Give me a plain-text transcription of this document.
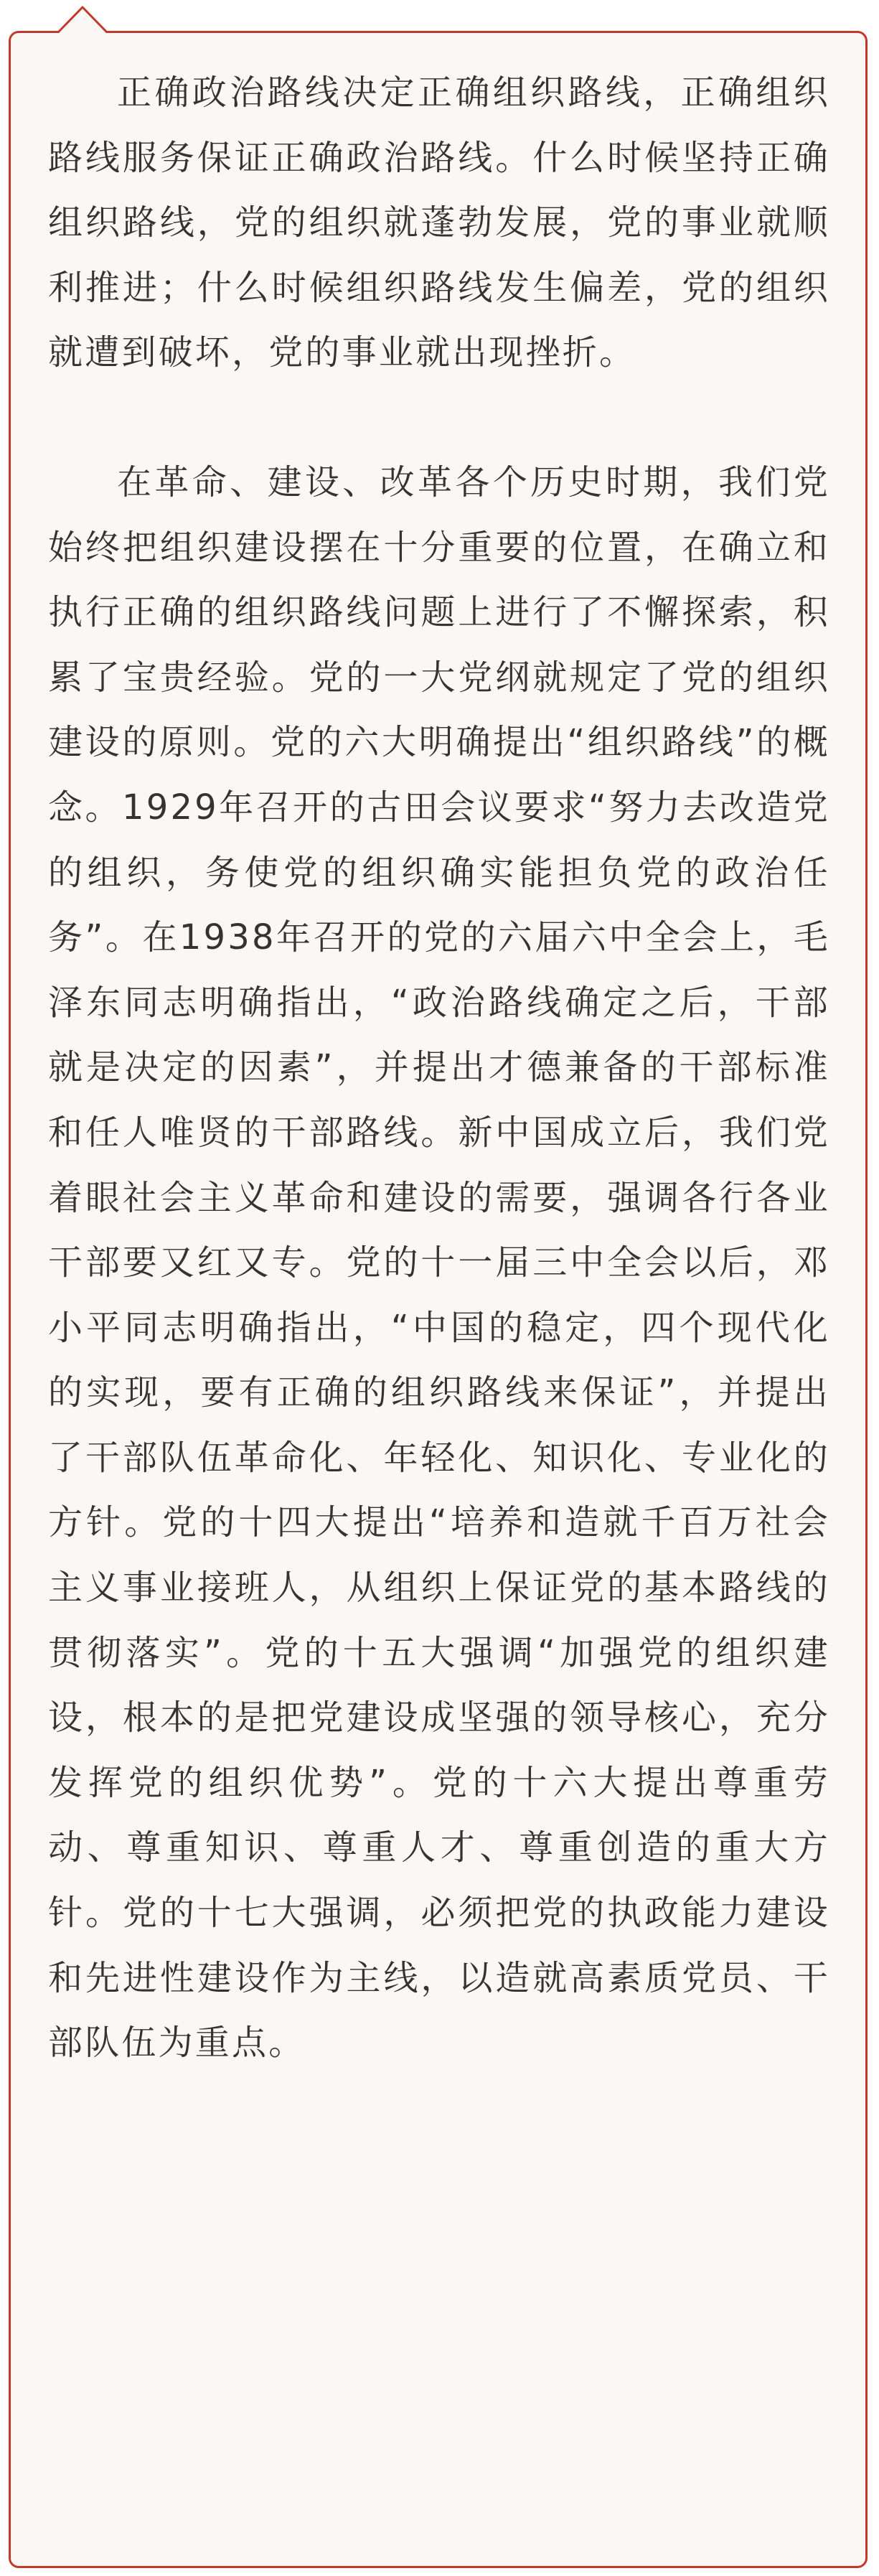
正确政治路线决定正确组织路线，正确组织路线服务保证正确政治路线。什么时候坚持正确组织路线，党的组织就蓬勃发展，党的事业就顺利推进；什么时候组织路线发生偏差，党的组织就遭到破坏，党的事业就出现挫折。

在革命、建设、改革各个历史时期，我们党始终把组织建设摆在十分重要的位置，在确立和执行正确的组织路线问题上进行了不懈探索，积累了宝贵经验。党的一大党纲就规定了党的组织建设的原则。党的六大明确提出“组织路线”的概念。1929年召开的古田会议要求“努力去改造党的组织，务使党的组织确实能担负党的政治任务”。在1938年召开的党的六届六中全会上，毛泽东同志明确指出，“政治路线确定之后，干部就是决定的因素”，并提出才德兼备的干部标准和任人唯贤的干部路线。新中国成立后，我们党着眼社会主义革命和建设的需要，强调各行各业干部要又红又专。党的十一届三中全会以后，邓小平同志明确指出，“中国的稳定，四个现代化的实现，要有正确的组织路线来保证”，并提出了干部队伍革命化、年轻化、知识化、专业化的方针。党的十四大提出“培养和造就千百万社会主义事业接班人，从组织上保证党的基本路线的贯彻落实”。党的十五大强调“加强党的组织建设，根本的是把党建设成坚强的领导核心，充分发挥党的组织优势”。党的十六大提出尊重劳动、尊重知识、尊重人才、尊重创造的重大方针。党的十七大强调，必须把党的执政能力建设和先进性建设作为主线，以造就高素质党员、干部队伍为重点。
